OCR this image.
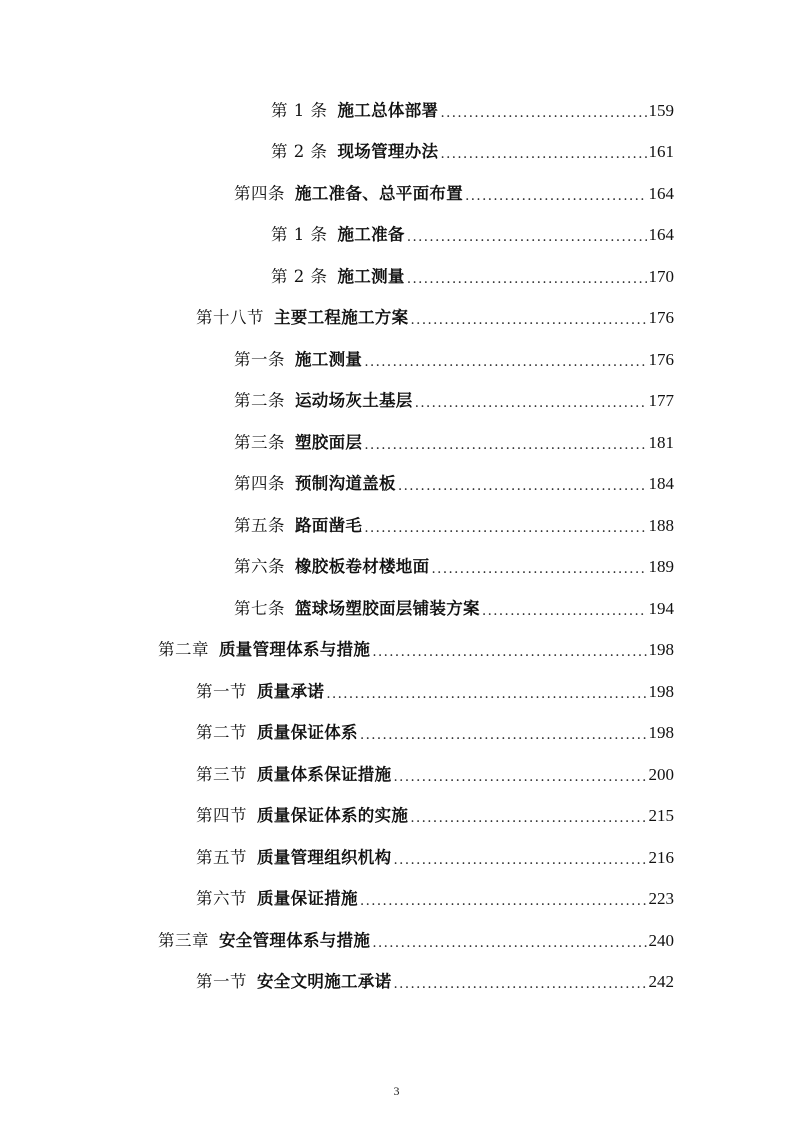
第 1 条 施工总体部署 .....	159
第 2 条 现场管理办法 .....	161
第四条 施工准备、总平面布置 .....	164
第 1 条 施工准备 .....	164
第 2 条 施工测量 .....	170
第十八节 主要工程施工方案 .....	176
第一条 施工测量 .....	176
第二条 运动场灰土基层 .....	177
第三条 塑胶面层 .....	181
第四条 预制沟道盖板 .....	184
第五条 路面凿毛 .....	188
第六条 橡胶板卷材楼地面 .....	189
第七条 篮球场塑胶面层铺装方案 .....	194
第二章 质量管理体系与措施 .....	198
第一节 质量承诺 .....	198
第二节 质量保证体系 .....	198
第三节 质量体系保证措施 .....	200
第四节 质量保证体系的实施 .....	215
第五节 质量管理组织机构 .....	216
第六节 质量保证措施 .....	223
第三章 安全管理体系与措施 .....	240
第一节 安全文明施工承诺 .....	242
3
